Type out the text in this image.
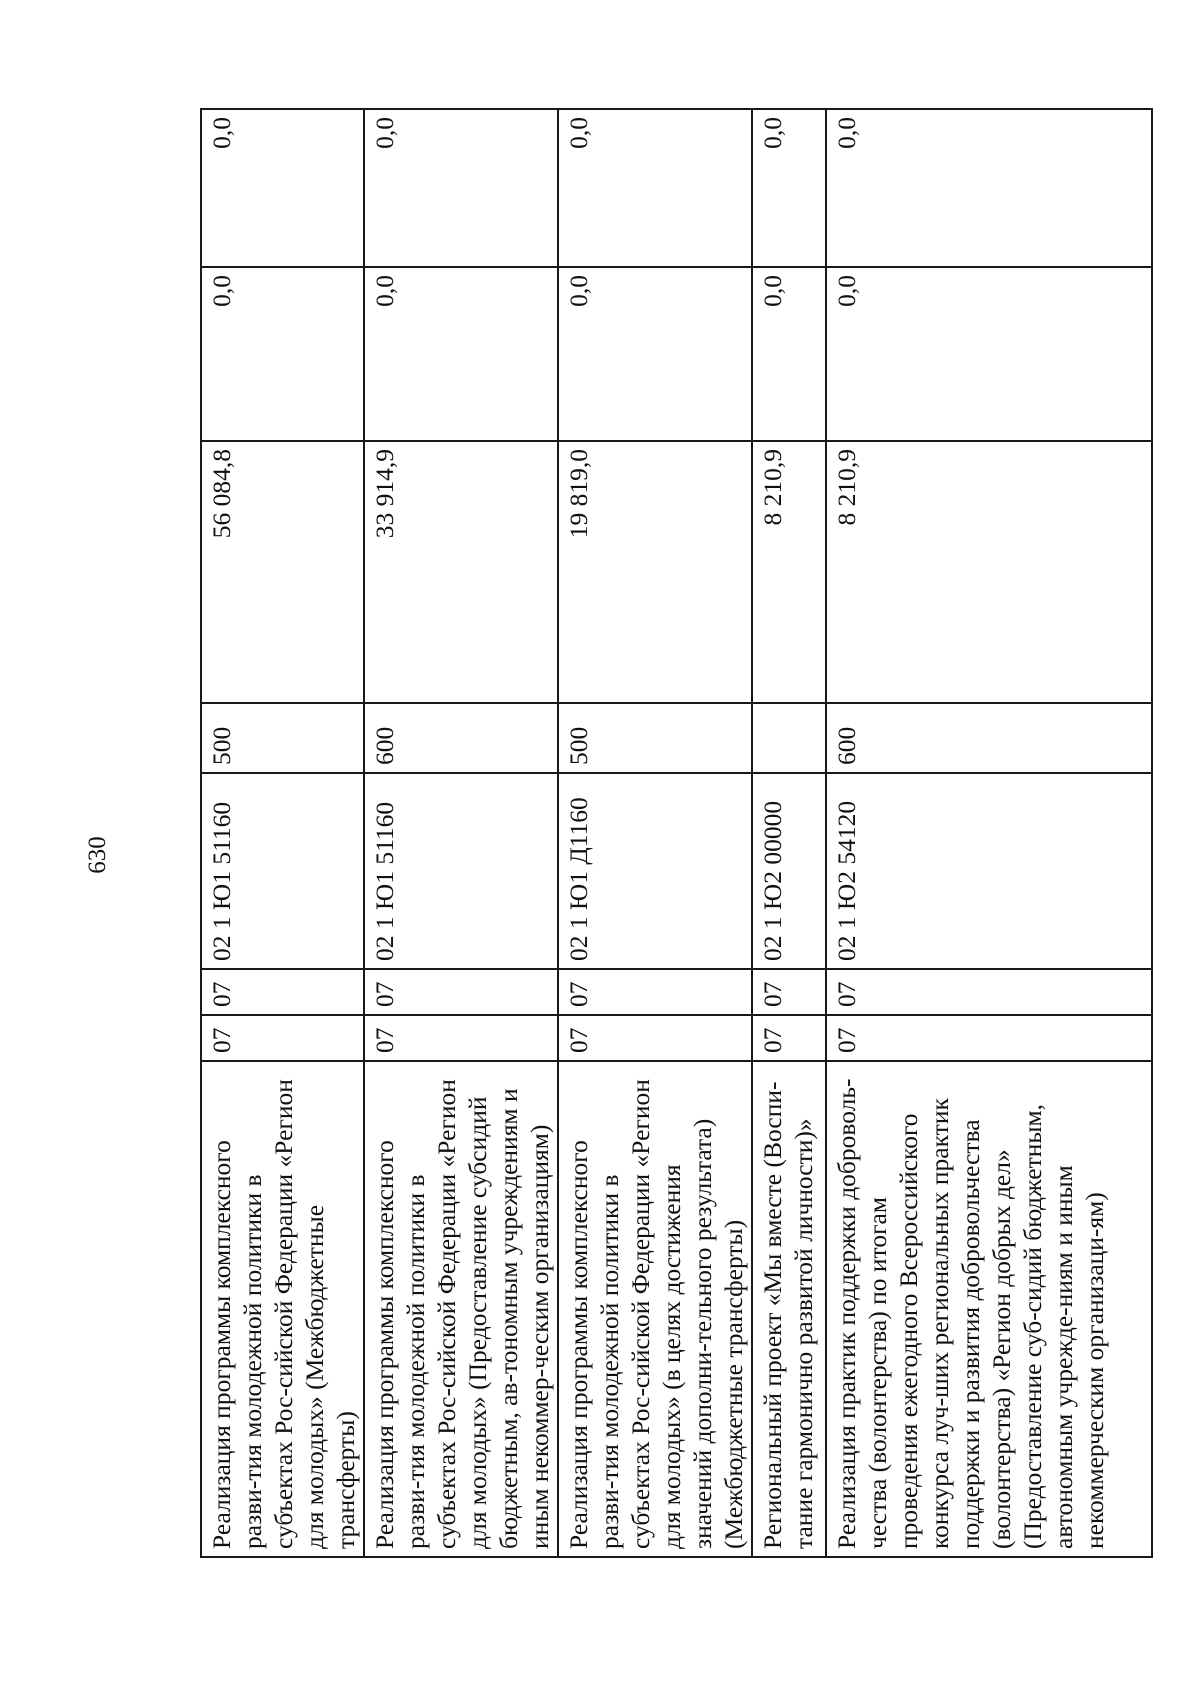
630
Реализация программы комплексного разви-тия молодежной политики в субъектах Рос-сийской Федерации «Регион для молодых» (Межбюджетные трансферты)	07	07	02 1 Ю1 51160	500	56 084,8	0,0	0,0
Реализация программы комплексного разви-тия молодежной политики в субъектах Рос-сийской Федерации «Регион для молодых» (Предоставление субсидий бюджетным, ав-тономным учреждениям и иным некоммер-ческим организациям)	07	07	02 1 Ю1 51160	600	33 914,9	0,0	0,0
Реализация программы комплексного разви-тия молодежной политики в субъектах Рос-сийской Федерации «Регион для молодых» (в целях достижения значений дополни-тельного результата) (Межбюджетные трансферты)	07	07	02 1 Ю1 Д1160	500	19 819,0	0,0	0,0
Региональный проект «Мы вместе (Воспи-тание гармонично развитой личности)»	07	07	02 1 Ю2 00000		8 210,9	0,0	0,0
Реализация практик поддержки доброволь-чества (волонтерства) по итогам проведения ежегодного Всероссийского конкурса луч-ших региональных практик поддержки и развития добровольчества (волонтерства) «Регион добрых дел» (Предоставление суб-сидий бюджетным, автономным учрежде-ниям и иным некоммерческим организаци-ям)	07	07	02 1 Ю2 54120	600	8 210,9	0,0	0,0
